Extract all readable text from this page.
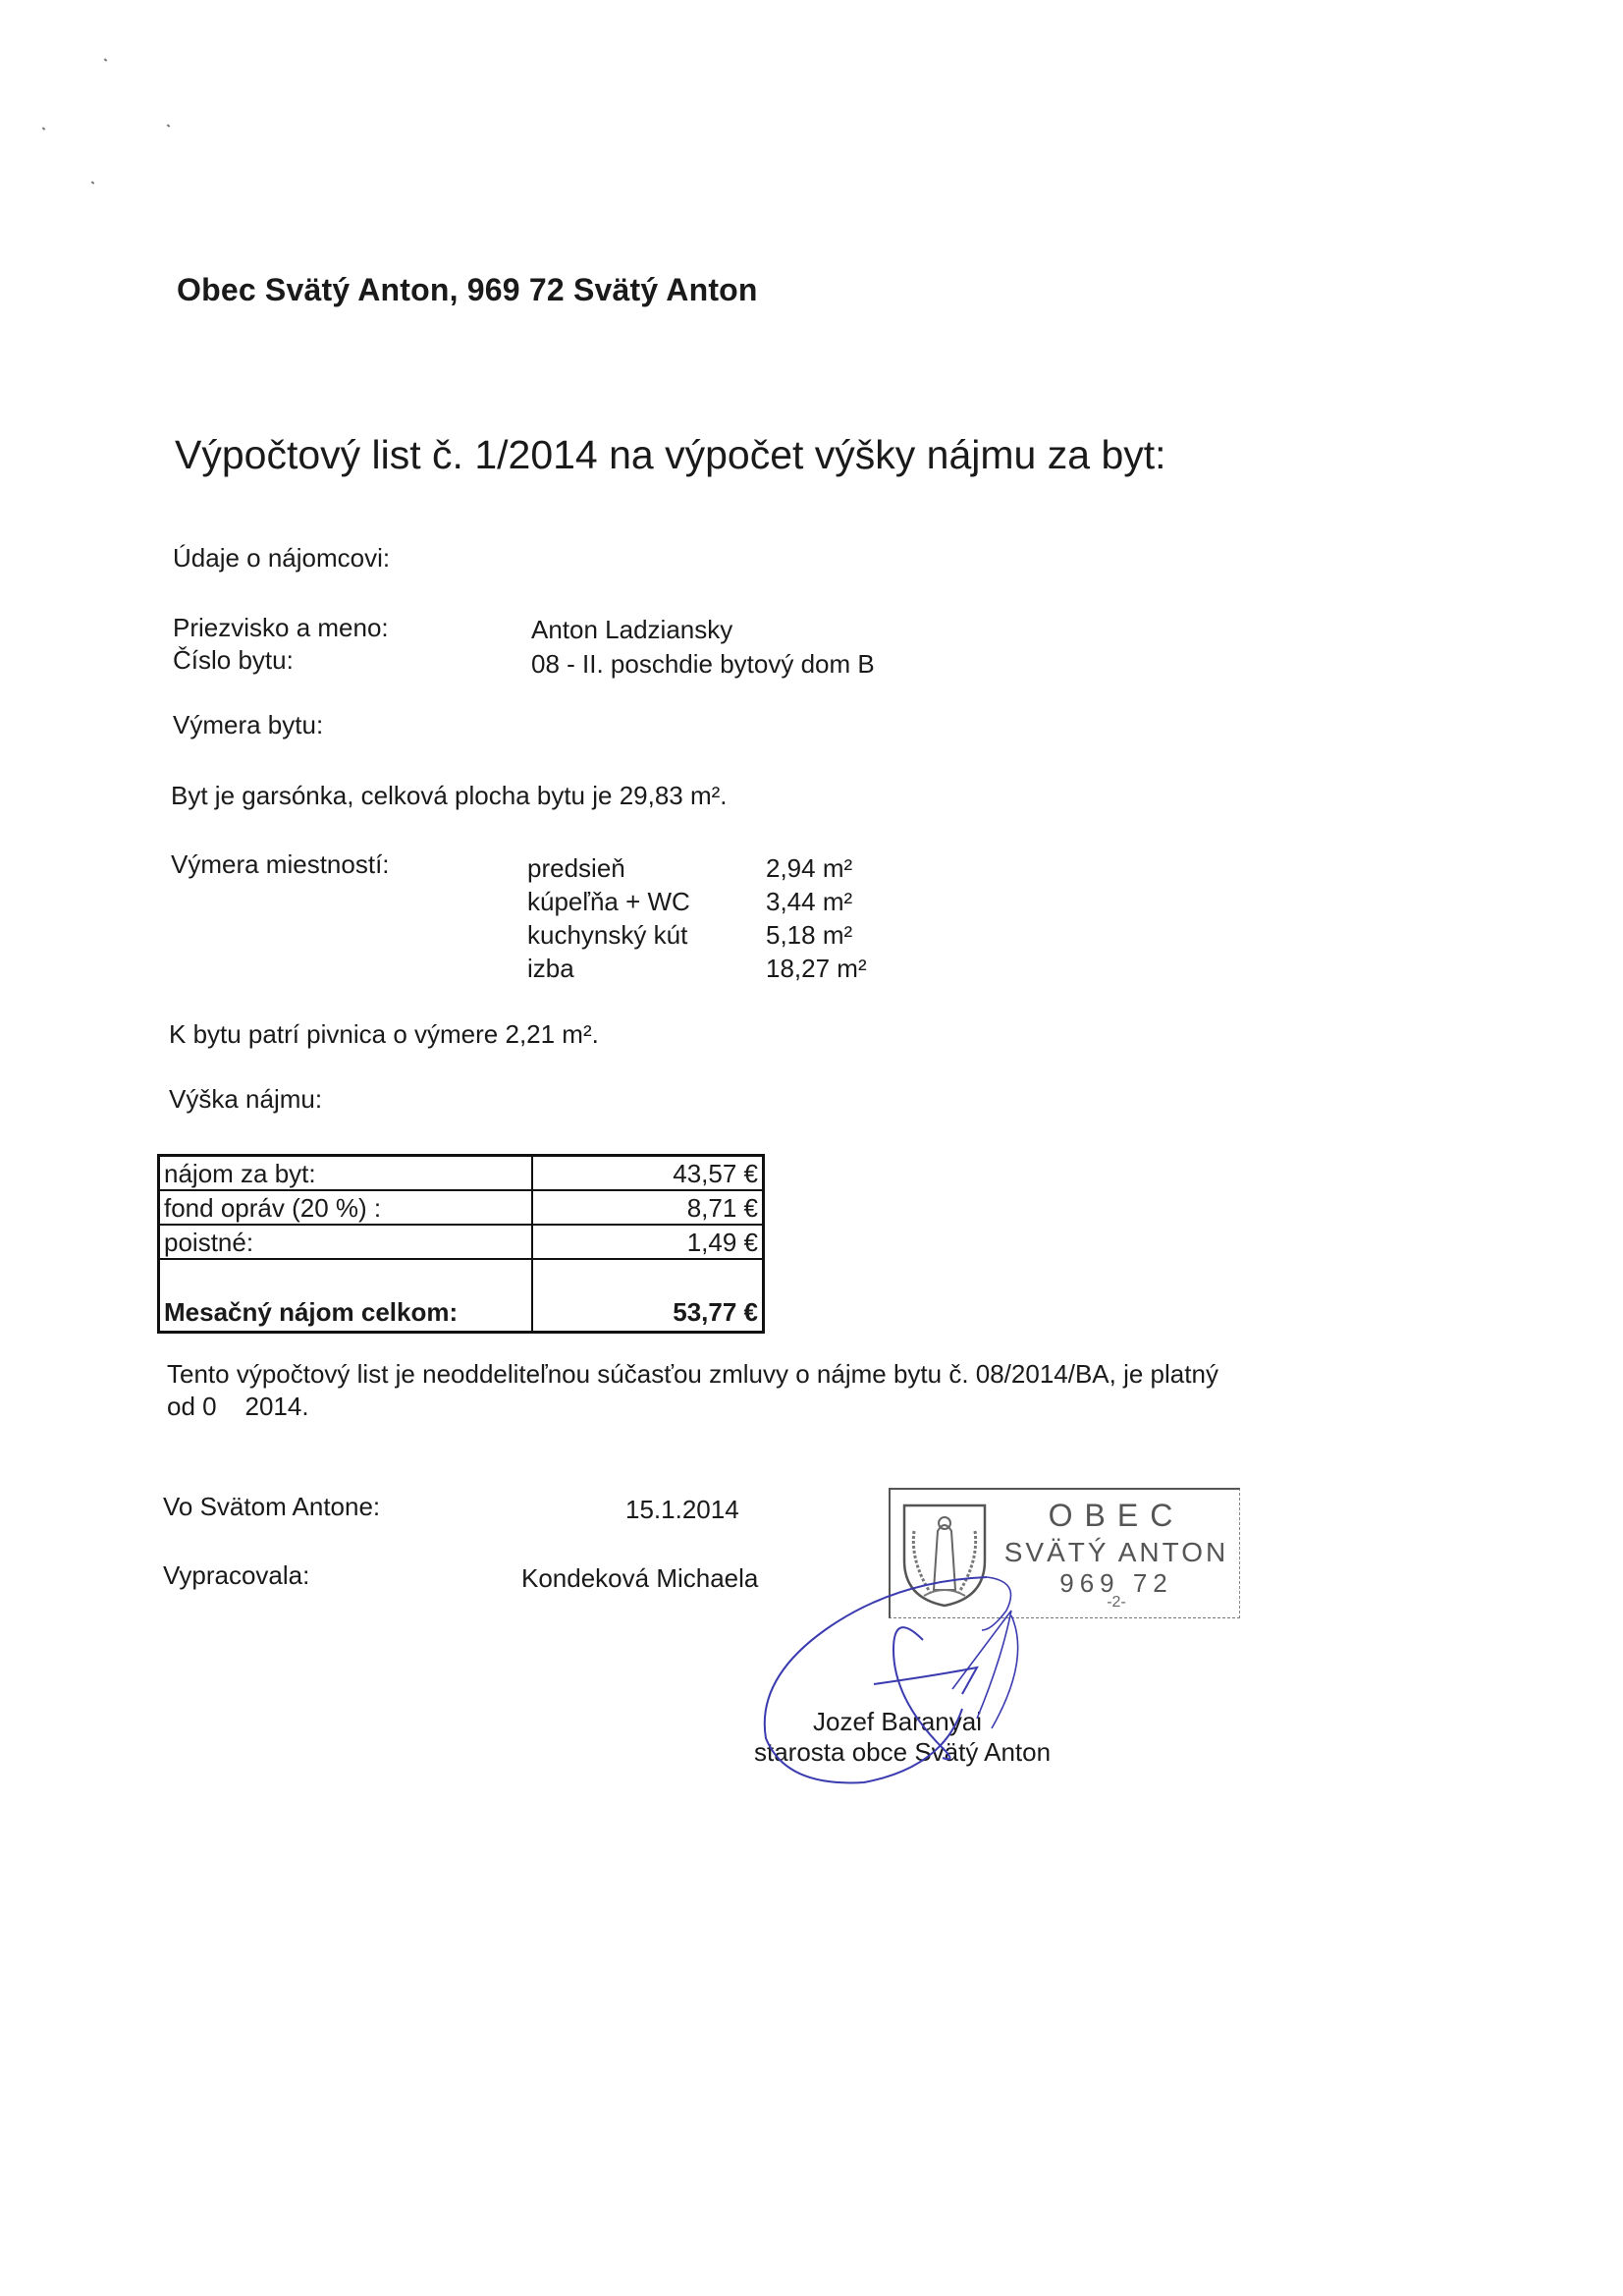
Obec Svätý Anton, 969 72 Svätý Anton
Výpočtový list č. 1/2014 na výpočet výšky nájmu za byt:
Údaje o nájomcovi:
Priezvisko a meno:	Anton Ladziansky
Číslo bytu:	08 - II. poschdie bytový dom B
Výmera bytu:
Byt je garsónka, celková plocha bytu je 29,83 m².
Výmera miestností:	predsieň	2,94 m²
kúpeľňa + WC	3,44 m²
kuchynský kút	5,18 m²
izba	18,27 m²
K bytu patrí pivnica o výmere 2,21 m².
Výška nájmu:
nájom za byt:	43,57 €
fond opráv (20 %) :	8,71 €
poistné:	1,49 €
Mesačný nájom celkom:	53,77 €
Tento výpočtový list je neoddeliteľnou súčasťou zmluvy o nájme bytu č. 08/2014/BA, je platný
od 0    2014.
Vo Svätom Antone:	15.1.2014
Vypracovala:	Kondeková Michaela
OBEC
SVÄTÝ ANTON
969 72
-2-
Jozef Baranyai
starosta obce Svätý Anton
